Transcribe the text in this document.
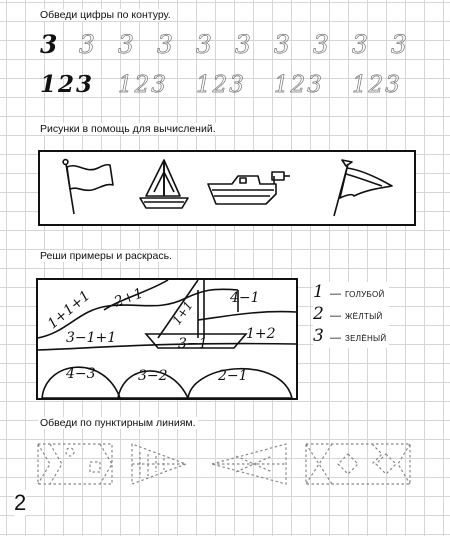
Обведи цифры по контуру.
3 3 3 3 3 3 3 3 3 3
123	123	123	123	123
Рисунки в помощь для вычислений.
Реши примеры и раскрась.
1+1+1 2+1	4−1
1+1
3−1+1	3−1
1+2
4−3	3−2	2−1
1 — ГОЛУБОЙ
2 — ЖЁЛТЫЙ
3 — ЗЕЛЁНЫЙ
Обведи по пунктирным линиям.
2
